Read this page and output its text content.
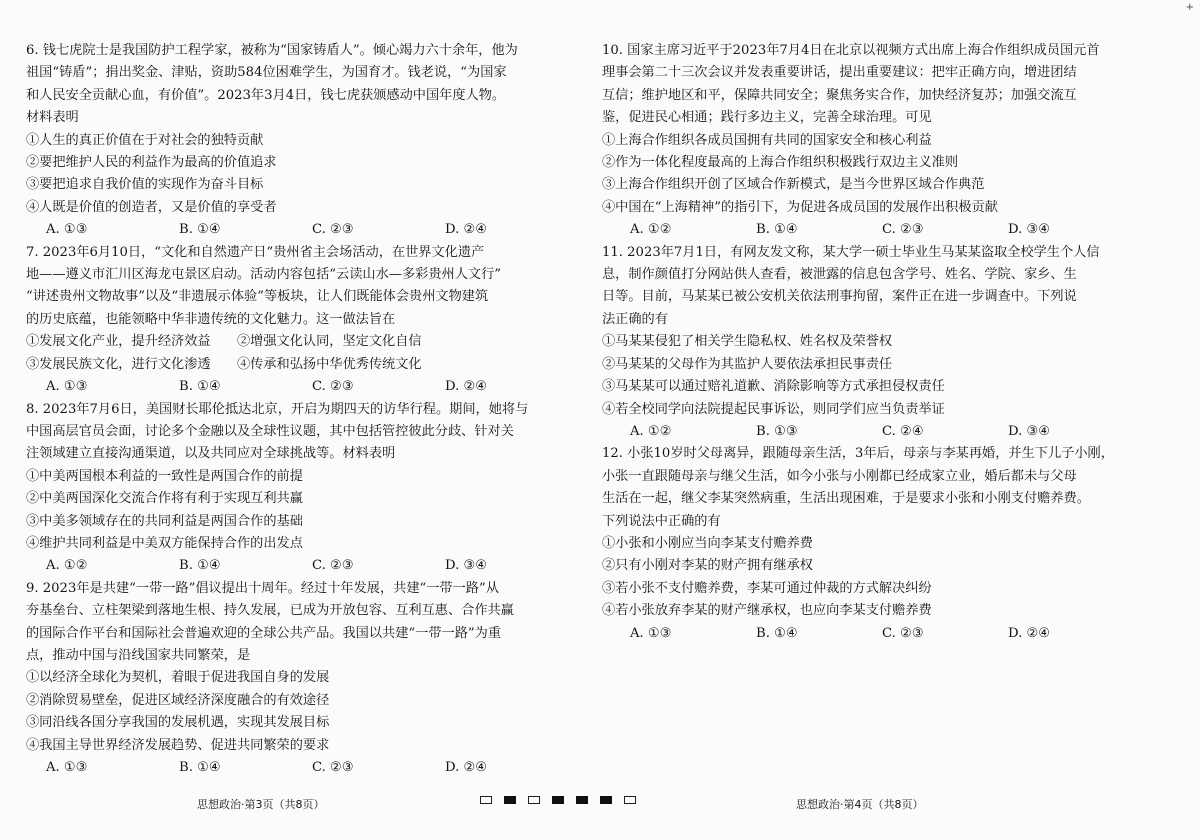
+
6. 钱七虎院士是我国防护工程学家，被称为“国家铸盾人”。倾心竭力六十余年，他为
祖国“铸盾”；捐出奖金、津贴，资助584位困难学生，为国育才。钱老说，“为国家
和人民安全贡献心血，有价值”。2023年3月4日，钱七虎获颁感动中国年度人物。
材料表明
①人生的真正价值在于对社会的独特贡献
②要把维护人民的利益作为最高的价值追求
③要把追求自我价值的实现作为奋斗目标
④人既是价值的创造者，又是价值的享受者
A. ①③	B. ①④	C. ②③	D. ②④
7. 2023年6月10日，“文化和自然遗产日”贵州省主会场活动，在世界文化遗产
地——遵义市汇川区海龙屯景区启动。活动内容包括“云读山水—多彩贵州人文行”
“讲述贵州文物故事”以及“非遗展示体验”等板块，让人们既能体会贵州文物建筑
的历史底蕴，也能领略中华非遗传统的文化魅力。这一做法旨在
①发展文化产业，提升经济效益　　②增强文化认同，坚定文化自信
③发展民族文化，进行文化渗透　　④传承和弘扬中华优秀传统文化
A. ①③	B. ①④	C. ②③	D. ②④
8. 2023年7月6日，美国财长耶伦抵达北京，开启为期四天的访华行程。期间，她将与
中国高层官员会面，讨论多个金融以及全球性议题，其中包括管控彼此分歧、针对关
注领域建立直接沟通渠道，以及共同应对全球挑战等。材料表明
①中美两国根本利益的一致性是两国合作的前提
②中美两国深化交流合作将有利于实现互利共赢
③中美多领域存在的共同利益是两国合作的基础
④维护共同利益是中美双方能保持合作的出发点
A. ①②	B. ①④	C. ②③	D. ③④
9. 2023年是共建“一带一路”倡议提出十周年。经过十年发展，共建“一带一路”从
夯基垒台、立柱架梁到落地生根、持久发展，已成为开放包容、互利互惠、合作共赢
的国际合作平台和国际社会普遍欢迎的全球公共产品。我国以共建“一带一路”为重
点，推动中国与沿线国家共同繁荣，是
①以经济全球化为契机，着眼于促进我国自身的发展
②消除贸易壁垒，促进区域经济深度融合的有效途径
③同沿线各国分享我国的发展机遇，实现其发展目标
④我国主导世界经济发展趋势、促进共同繁荣的要求
A. ①③	B. ①④	C. ②③	D. ②④
10. 国家主席习近平于2023年7月4日在北京以视频方式出席上海合作组织成员国元首
理事会第二十三次会议并发表重要讲话，提出重要建议：把牢正确方向，增进团结
互信；维护地区和平，保障共同安全；聚焦务实合作，加快经济复苏；加强交流互
鉴，促进民心相通；践行多边主义，完善全球治理。可见
①上海合作组织各成员国拥有共同的国家安全和核心利益
②作为一体化程度最高的上海合作组织积极践行双边主义准则
③上海合作组织开创了区域合作新模式，是当今世界区域合作典范
④中国在“上海精神”的指引下，为促进各成员国的发展作出积极贡献
A. ①②	B. ①④	C. ②③	D. ③④
11. 2023年7月1日，有网友发文称，某大学一硕士毕业生马某某盗取全校学生个人信
息，制作颜值打分网站供人查看，被泄露的信息包含学号、姓名、学院、家乡、生
日等。目前，马某某已被公安机关依法刑事拘留，案件正在进一步调查中。下列说
法正确的有
①马某某侵犯了相关学生隐私权、姓名权及荣誉权
②马某某的父母作为其监护人要依法承担民事责任
③马某某可以通过赔礼道歉、消除影响等方式承担侵权责任
④若全校同学向法院提起民事诉讼，则同学们应当负责举证
A. ①②	B. ①③	C. ②④	D. ③④
12. 小张10岁时父母离异，跟随母亲生活，3年后，母亲与李某再婚，并生下儿子小刚，
小张一直跟随母亲与继父生活，如今小张与小刚都已经成家立业，婚后都未与父母
生活在一起，继父李某突然病重，生活出现困难，于是要求小张和小刚支付赡养费。
下列说法中正确的有
①小张和小刚应当向李某支付赡养费
②只有小刚对李某的财产拥有继承权
③若小张不支付赡养费，李某可通过仲裁的方式解决纠纷
④若小张放弃李某的财产继承权，也应向李某支付赡养费
A. ①③	B. ①④	C. ②③	D. ②④
思想政治·第3页（共8页）	思想政治·第4页（共8页）
